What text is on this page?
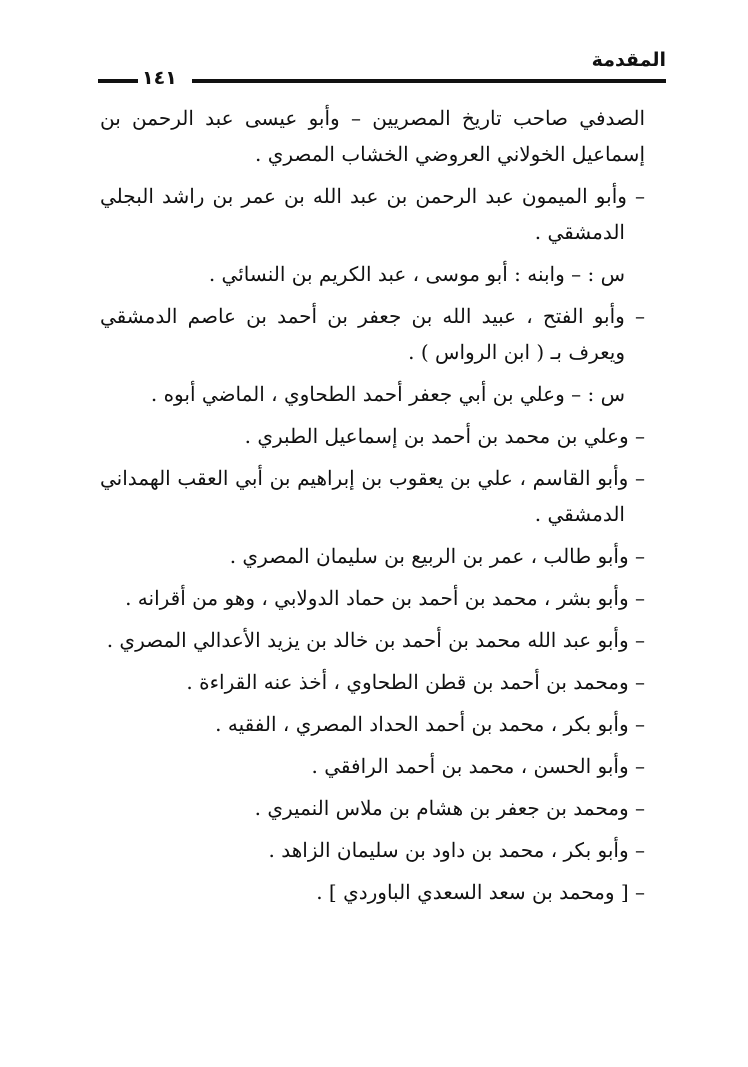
المقدمة
١٤١

الصدفي صاحب تاريخ المصريين – وأبو عيسى عبد الرحمن بن إسماعيل الخولاني العروضي الخشاب المصري .

– وأبو الميمون عبد الرحمن بن عبد الله بن عمر بن راشد البجلي الدمشقي .

س : – وابنه : أبو موسى ، عبد الكريم بن النسائي .

– وأبو الفتح ، عبيد الله بن جعفر بن أحمد بن عاصم الدمشقي ويعرف بـ ( ابن الرواس ) .

س : – وعلي بن أبي جعفر أحمد الطحاوي ، الماضي أبوه .

– وعلي بن محمد بن أحمد بن إسماعيل الطبري .

– وأبو القاسم ، علي بن يعقوب بن إبراهيم بن أبي العقب الهمداني الدمشقي .

– وأبو طالب ، عمر بن الربيع بن سليمان المصري .

– وأبو بشر ، محمد بن أحمد بن حماد الدولابي ، وهو من أقرانه .

– وأبو عبد الله محمد بن أحمد بن خالد بن يزيد الأعدالي المصري .

– ومحمد بن أحمد بن قطن الطحاوي ، أخذ عنه القراءة .

– وأبو بكر ، محمد بن أحمد الحداد المصري ، الفقيه .

– وأبو الحسن ، محمد بن أحمد الرافقي .

– ومحمد بن جعفر بن هشام بن ملاس النميري .

– وأبو بكر ، محمد بن داود بن سليمان الزاهد .

– [ ومحمد بن سعد السعدي الباوردي ] .
